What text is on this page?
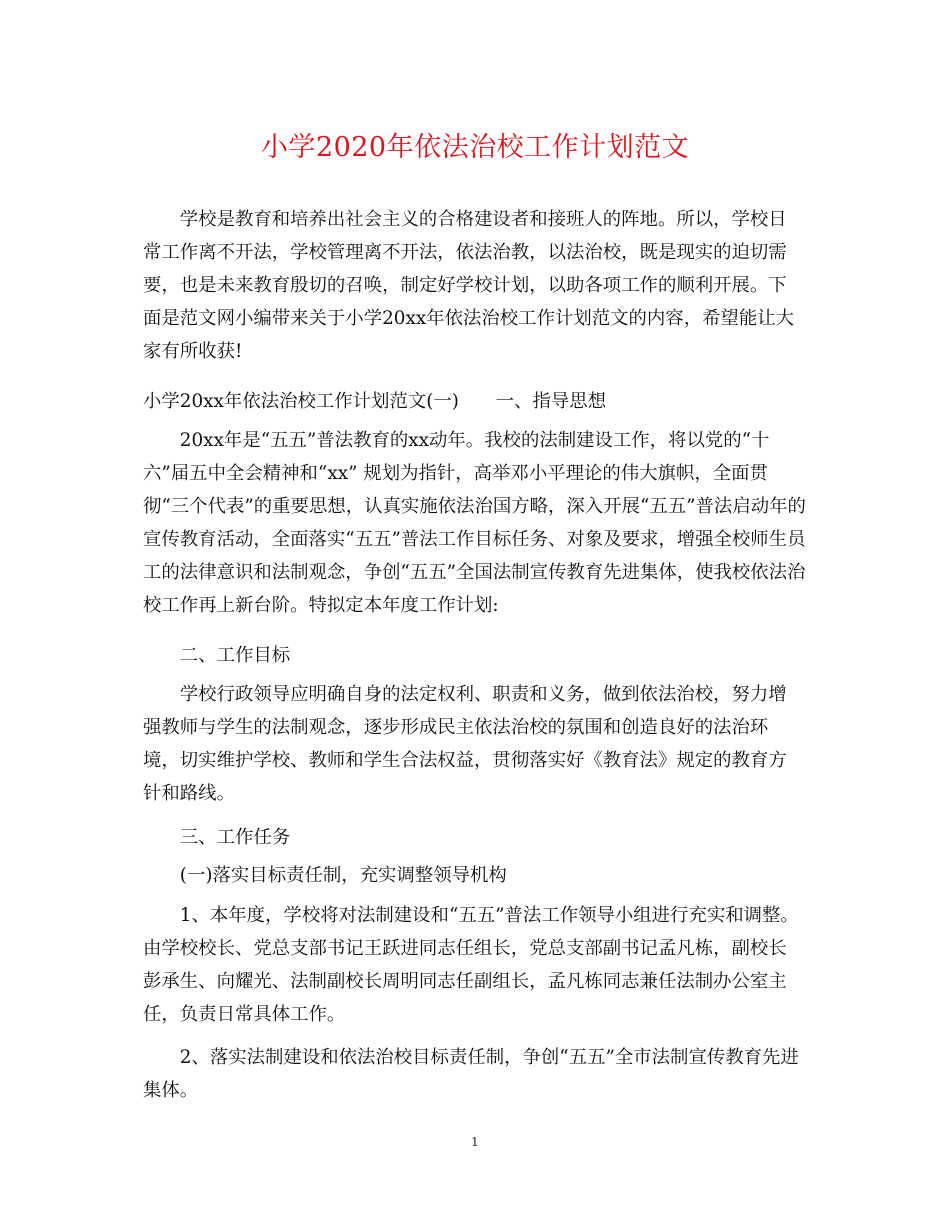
小学2020年依法治校工作计划范文
　　学校是教育和培养出社会主义的合格建设者和接班人的阵地。所以，学校日
常工作离不开法，学校管理离不开法，依法治教，以法治校，既是现实的迫切需
要，也是未来教育殷切的召唤，制定好学校计划，以助各项工作的顺利开展。下
面是范文网小编带来关于小学20xx年依法治校工作计划范文的内容，希望能让大
家有所收获!
小学20xx年依法治校工作计划范文(一)　　一、指导思想
　　20xx年是“五五”普法教育的xx动年。我校的法制建设工作，将以党的“十
六”届五中全会精神和“xx” 规划为指针，高举邓小平理论的伟大旗帜，全面贯
彻“三个代表”的重要思想，认真实施依法治国方略，深入开展“五五”普法启动年的
宣传教育活动，全面落实“五五”普法工作目标任务、对象及要求，增强全校师生员
工的法律意识和法制观念，争创“五五”全国法制宣传教育先进集体，使我校依法治
校工作再上新台阶。特拟定本年度工作计划:
　　二、工作目标
　　学校行政领导应明确自身的法定权利、职责和义务，做到依法治校，努力增
强教师与学生的法制观念，逐步形成民主依法治校的氛围和创造良好的法治环
境，切实维护学校、教师和学生合法权益，贯彻落实好《教育法》规定的教育方
针和路线。
　　三、工作任务
　　(一)落实目标责任制，充实调整领导机构
　　1、本年度，学校将对法制建设和“五五”普法工作领导小组进行充实和调整。
由学校校长、党总支部书记王跃进同志任组长，党总支部副书记孟凡栋，副校长
彭承生、向耀光、法制副校长周明同志任副组长，孟凡栋同志兼任法制办公室主
任，负责日常具体工作。
　　2、落实法制建设和依法治校目标责任制，争创“五五”全市法制宣传教育先进
集体。
1
